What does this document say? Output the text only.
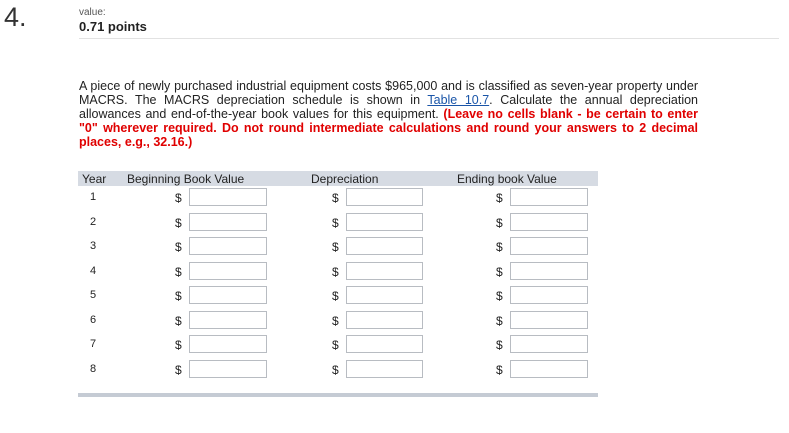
4.	value:
0.71 points
A piece of newly purchased industrial equipment costs $965,000 and is classified as seven-year property under MACRS. The MACRS depreciation schedule is shown in Table 10.7. Calculate the annual depreciation allowances and end-of-the-year book values for this equipment. (Leave no cells blank - be certain to enter "0" wherever required. Do not round intermediate calculations and round your answers to 2 decimal places, e.g., 32.16.)
Year Beginning Book Value	Depreciation	Ending book Value
1	$	$	$
2	$	$	$
3	$	$	$
4	$	$	$
5	$	$	$
6	$	$	$
7	$	$	$
8	$	$	$
